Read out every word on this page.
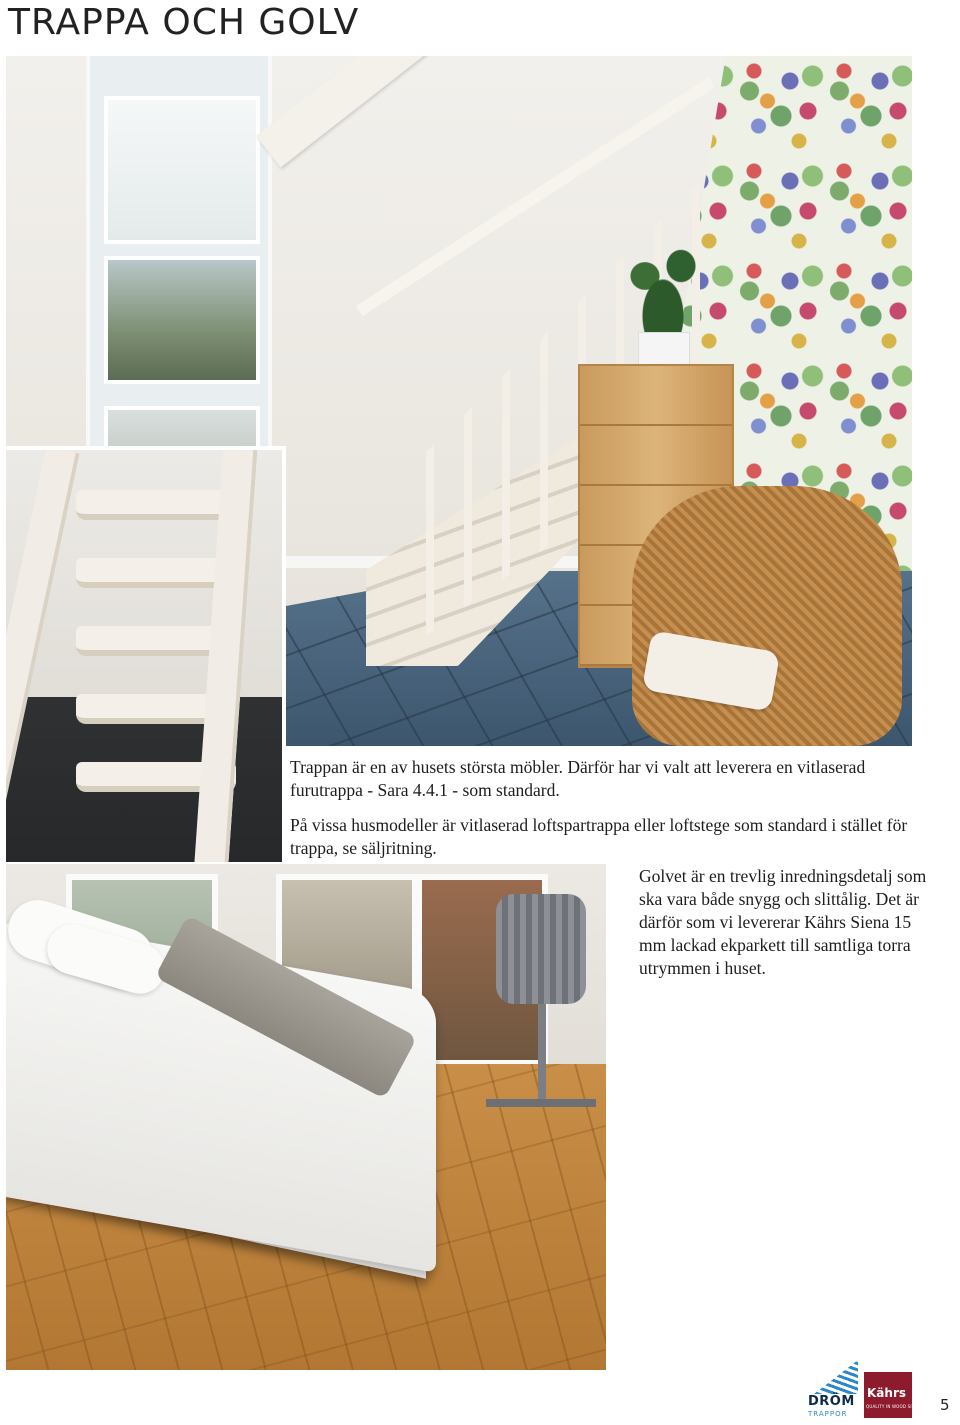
TRAPPA OCH GOLV

Trappan är en av husets största möbler. Därför har vi valt att leverera en vitlaserad furutrappa - Sara 4.4.1 - som standard.

På vissa husmodeller är vitlaserad loftspartrappa eller loftstege som standard i stället för trappa, se säljritning.

Golvet är en trevlig inredningsdetalj som ska vara både snygg och slittålig. Det är därför som vi levererar Kährs Siena 15 mm lackad ekparkett till samtliga torra utrymmen i huset.

DRÖM
TRAPPOR
Kährs
QUALITY IN WOOD SINCE 1857 5
